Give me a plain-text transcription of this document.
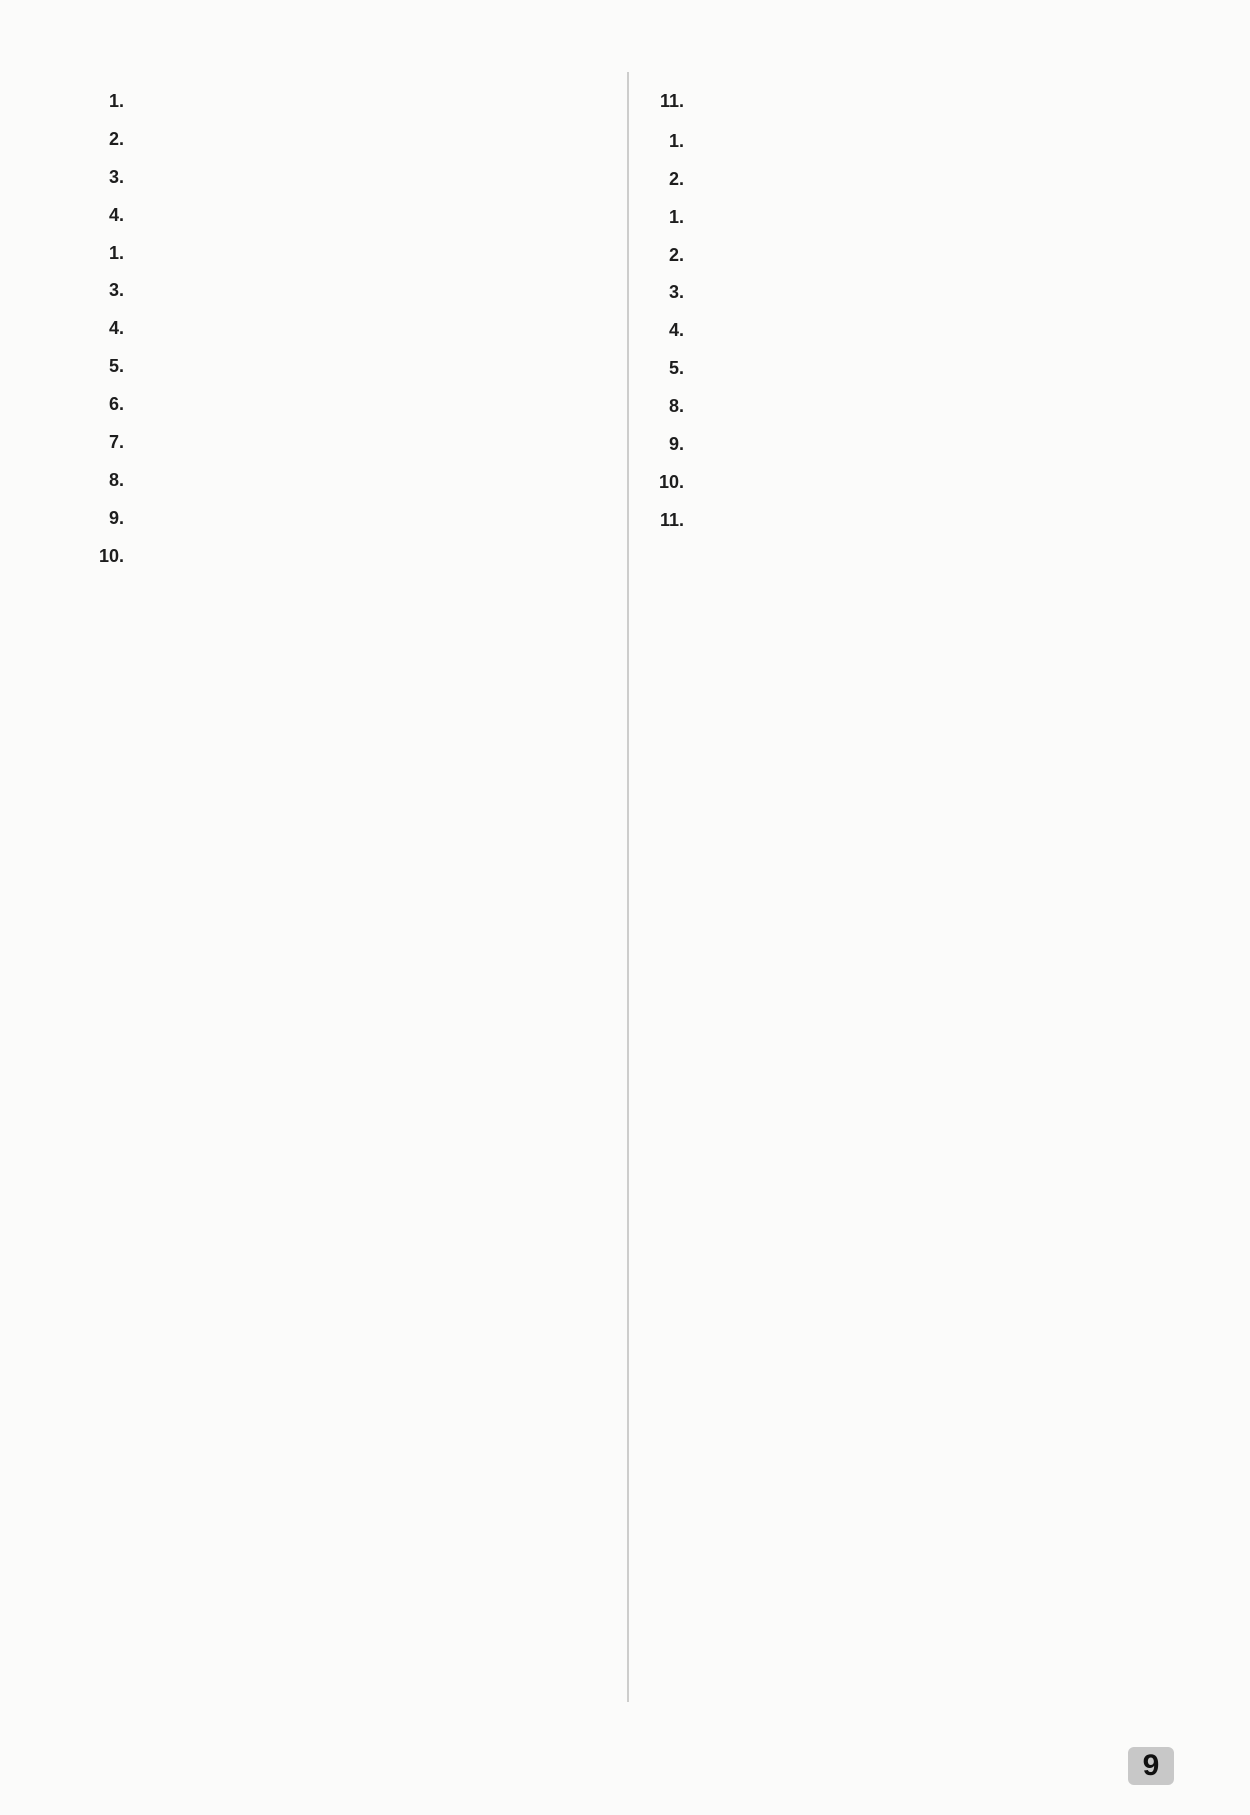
1.
2.
3.
4.
1.
3.
4.
5.
6.
7.
8.
9.
10.
11.
1.
2.
1.
2.
3.
4.
5.
8.
9.
10.
11.
9
